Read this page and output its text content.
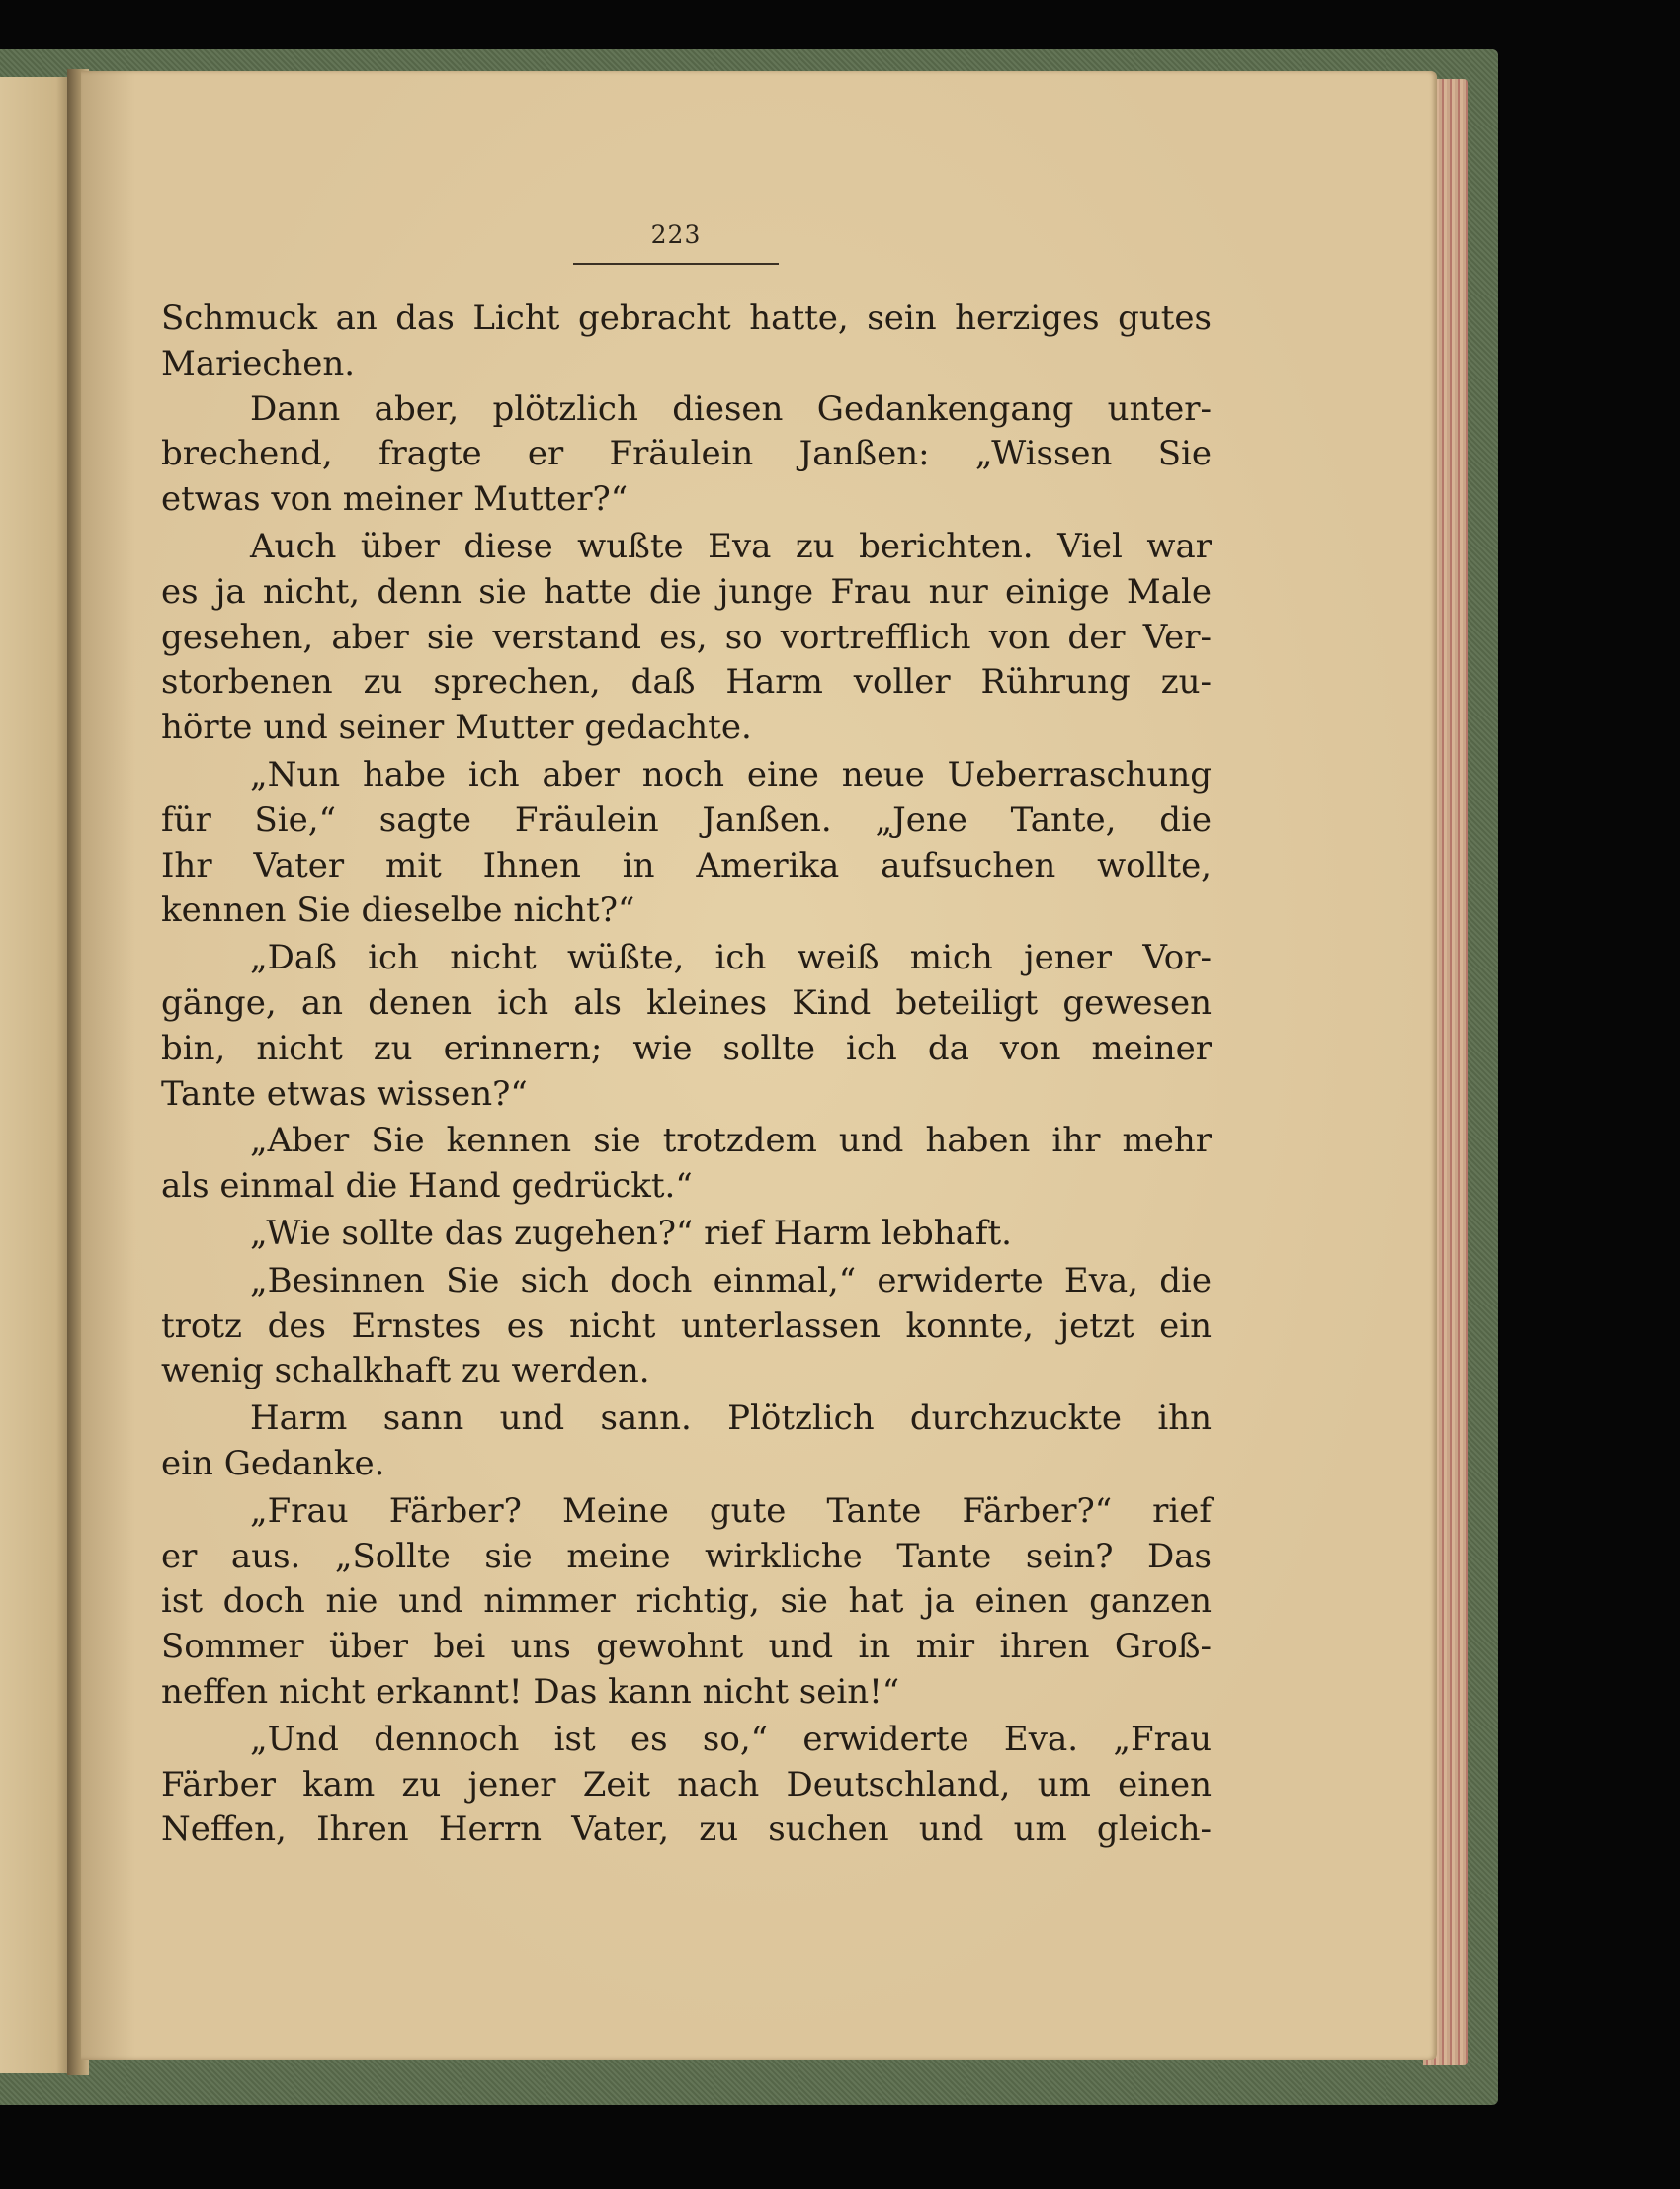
223
Schmuck an das Licht gebracht hatte, sein herziges gutes
Mariechen.
Dann aber, plötzlich diesen Gedankengang unter-
brechend, fragte er Fräulein Janßen: „Wissen Sie
etwas von meiner Mutter?“
Auch über diese wußte Eva zu berichten. Viel war
es ja nicht, denn sie hatte die junge Frau nur einige Male
gesehen, aber sie verstand es, so vortrefflich von der Ver-
storbenen zu sprechen, daß Harm voller Rührung zu-
hörte und seiner Mutter gedachte.
„Nun habe ich aber noch eine neue Ueberraschung
für Sie,“ sagte Fräulein Janßen. „Jene Tante, die
Ihr Vater mit Ihnen in Amerika aufsuchen wollte,
kennen Sie dieselbe nicht?“
„Daß ich nicht wüßte, ich weiß mich jener Vor-
gänge, an denen ich als kleines Kind beteiligt gewesen
bin, nicht zu erinnern; wie sollte ich da von meiner
Tante etwas wissen?“
„Aber Sie kennen sie trotzdem und haben ihr mehr
als einmal die Hand gedrückt.“
„Wie sollte das zugehen?“ rief Harm lebhaft.
„Besinnen Sie sich doch einmal,“ erwiderte Eva, die
trotz des Ernstes es nicht unterlassen konnte, jetzt ein
wenig schalkhaft zu werden.
Harm sann und sann. Plötzlich durchzuckte ihn
ein Gedanke.
„Frau Färber? Meine gute Tante Färber?“ rief
er aus. „Sollte sie meine wirkliche Tante sein? Das
ist doch nie und nimmer richtig, sie hat ja einen ganzen
Sommer über bei uns gewohnt und in mir ihren Groß-
neffen nicht erkannt! Das kann nicht sein!“
„Und dennoch ist es so,“ erwiderte Eva. „Frau
Färber kam zu jener Zeit nach Deutschland, um einen
Neffen, Ihren Herrn Vater, zu suchen und um gleich-
